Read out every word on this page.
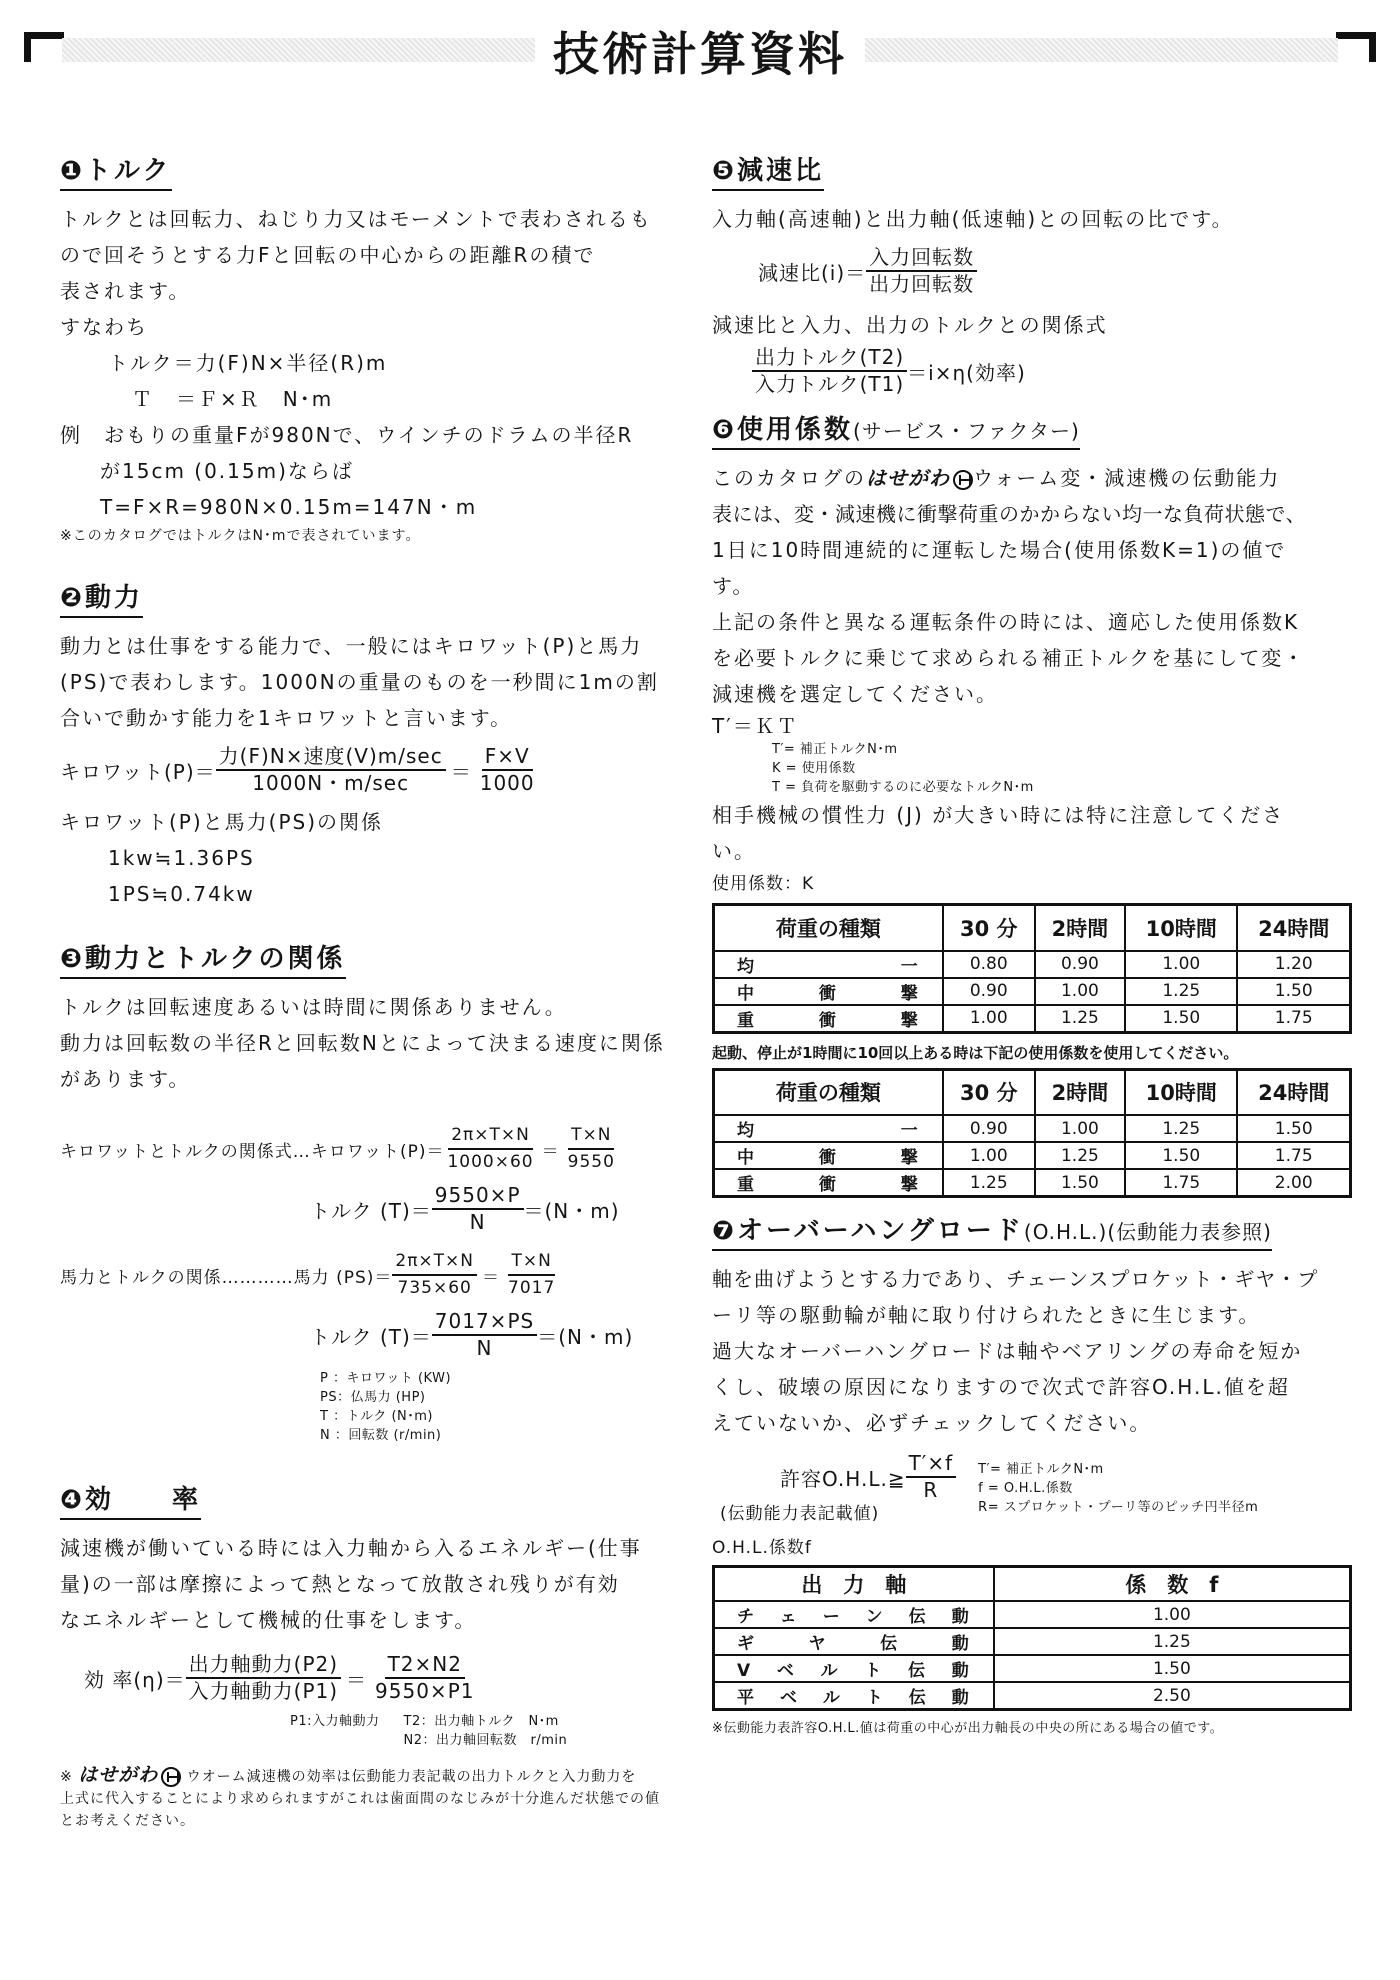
技術計算資料
❶トルク

トルクとは回転力、ねじり力又はモーメントで表わされるも

ので回そうとする力Fと回転の中心からの距離Rの積で

表されます。

すなわち

トルク＝力(F)N×半径(R)m

Ｔ　＝Ｆ×Ｒ　N･m

例　おもりの重量Fが980Nで、ウインチのドラムの半径R

が15cm (0.15m)ならばT=F×R=980N×0.15m=147N・m

※このカタログではトルクはN･mで表されています。

❷動力

動力とは仕事をする能力で、一般にはキロワット(P)と馬力

(PS)で表わします。1000Nの重量のものを一秒間に1mの割

合いで動かす能力を1キロワットと言います。

キロワット(P)＝
力(F)N×速度(V)m/sec
1000N・$m/\sec = \frac{F\times V}{1000}$

キロワット(P)と馬力(PS)の関係

1kw≒1.36PS

1PS≒0.74kw

❸動力とトルクの関係

トルクは回転速度あるいは時間に関係ありません。

動力は回転数の半径Rと回転数Nとによって決まる速度に関係

があります。

キロワットとトルクの関係式…キロワット$(P)= \frac{2\pi\times T\times N}{1000\times 60} = \frac{T\times N}{9550}$
トルク $(T)= \frac{9550\times P}{N} =(N$・m)
馬力とトルクの関係…………馬力 $(PS)= \frac{2\pi\times T\times N}{735\times 60} = \frac{T\times N}{7017}$
トルク $(T)= \frac{7017\times PS}{N} =(N$・m)

P ：キロワット (KW)

PS：仏馬力 (HP)

T ：トルク (N･m)

N ：回転数 (r/min)

❹効　　率

減速機が働いている時には入力軸から入るエネルギー(仕事

量)の一部は摩擦によって熱となって放散され残りが有効

なエネルギーとして機械的仕事をします。

効 率(η)＝
出力軸動力(P2)
入力軸動力$(P1) = \frac{T2\times N2}{9550\times P1}$

P1:入力軸動力 T2：出力軸トルク　N･m

N2：出力軸回転数　r/min

※ はせがわ ウオーム減速機の効率は伝動能力表記載の出力トルクと入力動力を

上式に代入することにより求められますがこれは歯面間のなじみが十分進んだ状態での値

とお考えください。

❺減速比

入力軸(高速軸)と出力軸(低速軸)との回転の比です。

減速比(i)＝
入力回転数
出力回転数

減速比と入力、出力のトルクとの関係式

出力トルク(T2)
入力トルク(T1) ＝i×η(効率)
❻使用係数(サービス・ファクター)

このカタログのはせがわ ウォーム変・減速機の伝動能力

表には、変・減速機に衝撃荷重のかからない均一な負荷状態で、

1日に10時間連続的に運転した場合(使用係数K=1)の値で

す。

上記の条件と異なる運転条件の時には、適応した使用係数K

を必要トルクに乗じて求められる補正トルクを基にして変・

減速機を選定してください。

T′＝ＫＴ

T′= 補正トルクN･m

K = 使用係数

T = 負荷を駆動するのに必要なトルクN･m

相手機械の慣性力 (J) が大きい時には特に注意してくださ

い。

使用係数：K

荷重の種類	30 分	2時間	10時間	24時間
均　一	0.80	0.90	1.00	1.20
中衝撃	0.90	1.00	1.25	1.50
重衝撃	1.00	1.25	1.50	1.75

起動、停止が1時間に10回以上ある時は下記の使用係数を使用してください。

荷重の種類	30 分	2時間	10時間	24時間
均　一	0.90	1.00	1.25	1.50
中衝撃	1.00	1.25	1.50	1.75
重衝撃	1.25	1.50	1.75	2.00
❼オーバーハングロード(O.H.L.)(伝動能力表参照)

軸を曲げようとする力であり、チェーンスプロケット・ギヤ・プ

ーリ等の駆動輪が軸に取り付けられたときに生じます。

過大なオーバーハングロードは軸やベアリングの寿命を短か

くし、破壊の原因になりますので次式で許容O.H.L.値を超

えていないか、必ずチェックしてください。

許容O.H.L.≧ $\frac{T'\times f}{R}$

(伝動能力表記載値)

T′= 補正トルクN･m

f = O.H.L.係数

R= スプロケット・プーリ等のピッチ円半径m

O.H.L.係数f

出　力　軸	係　数　f
チェーン伝動	1.00
ギヤ伝動	1.25
Vベルト伝動	1.50
平ベルト伝動	2.50

※伝動能力表許容O.H.L.値は荷重の中心が出力軸長の中央の所にある場合の値です。
